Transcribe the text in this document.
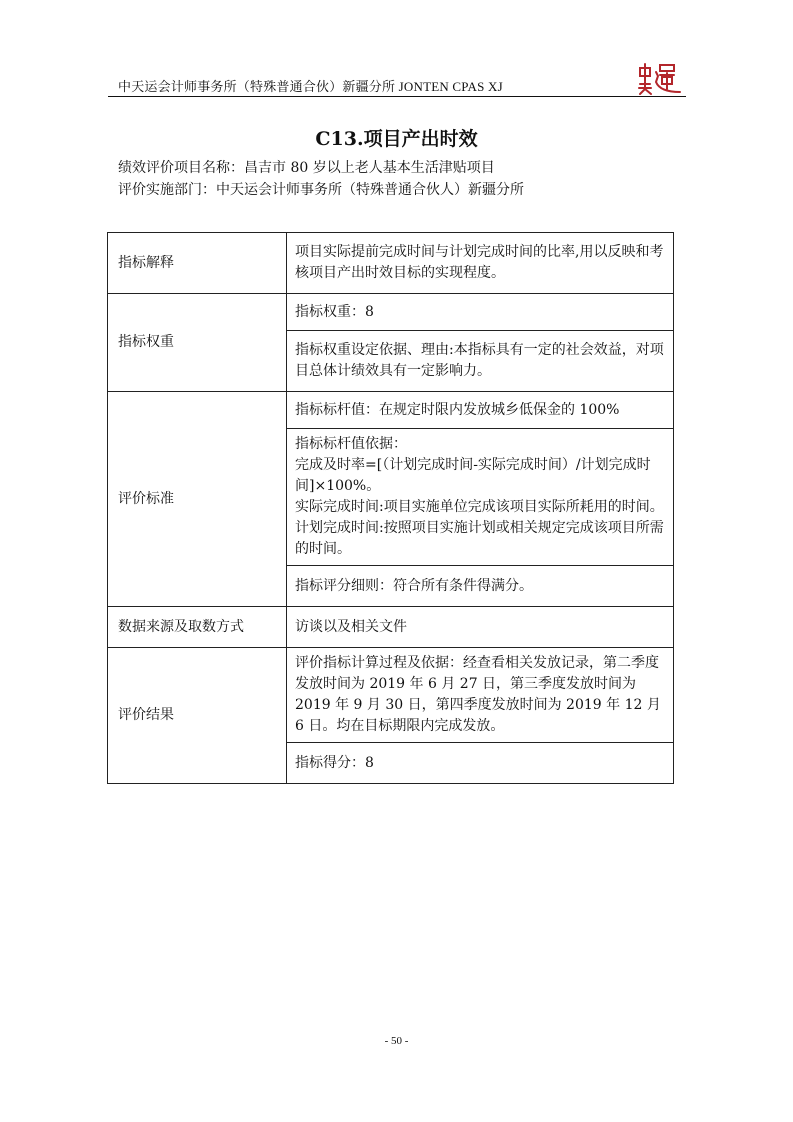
中天运会计师事务所（特殊普通合伙）新疆分所 JONTEN CPAS XJ
C13.项目产出时效
绩效评价项目名称：昌吉市 80 岁以上老人基本生活津贴项目
评价实施部门：中天运会计师事务所（特殊普通合伙人）新疆分所
指标解释	项目实际提前完成时间与计划完成时间的比率,用以反映和考核项目产出时效目标的实现程度。
指标权重	指标权重：8
	指标权重设定依据、理由:本指标具有一定的社会效益，对项目总体计绩效具有一定影响力。
评价标准	指标标杆值：在规定时限内发放城乡低保金的 100%

	指标标杆值依据：
完成及时率=[（计划完成时间-实际完成时间）/计划完成时间]×100%。
实际完成时间:项目实施单位完成该项目实际所耗用的时间。
计划完成时间:按照项目实施计划或相关规定完成该项目所需的时间。

	指标评分细则：符合所有条件得满分。
数据来源及取数方式	访谈以及相关文件
评价结果	评价指标计算过程及依据：经查看相关发放记录，第二季度发放时间为 2019 年 6 月 27 日，第三季度发放时间为 2019 年 9 月 30 日，第四季度发放时间为 2019 年 12 月 6 日。均在目标期限内完成发放。
	指标得分：8
- 50 -
